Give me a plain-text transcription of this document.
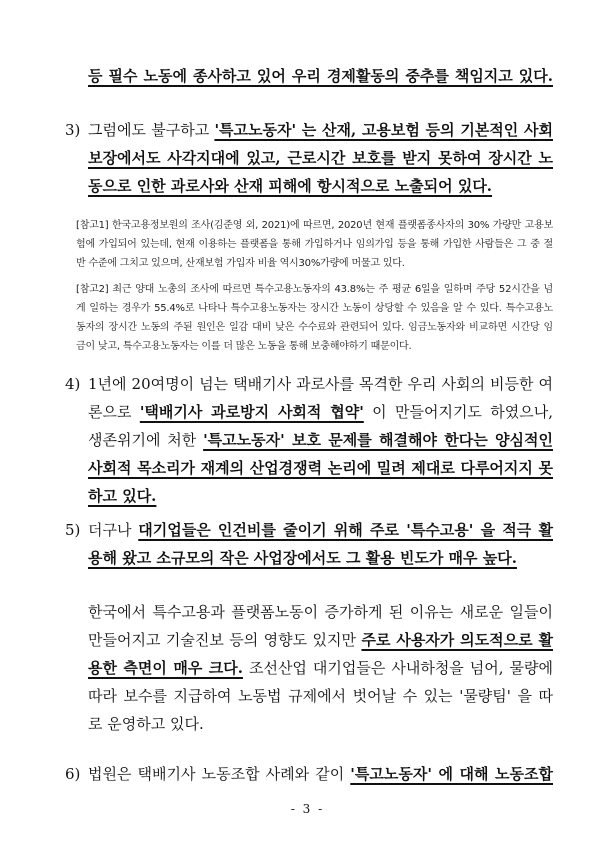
등 필수 노동에 종사하고 있어 우리 경제활동의 중추를 책임지고 있다.
3) 그럼에도 불구하고 '특고노동자' 는 산재, 고용보험 등의 기본적인 사회
보장에서도 사각지대에 있고, 근로시간 보호를 받지 못하여 장시간 노
동으로 인한 과로사와 산재 피해에 항시적으로 노출되어 있다.
[참고1] 한국고용정보원의 조사(김준영 외, 2021)에 따르면, 2020년 현재 플랫폼종사자의 30% 가량만 고용보
험에 가입되어 있는데, 현재 이용하는 플랫폼을 통해 가입하거나 임의가입 등을 통해 가입한 사람들은 그 중 절
반 수준에 그치고 있으며, 산재보험 가입자 비율 역시30%가량에 머물고 있다.
[참고2] 최근 양대 노총의 조사에 따르면 특수고용노동자의 43.8%는 주 평균 6일을 일하며 주당 52시간을 넘
게 일하는 경우가 55.4%로 나타나 특수고용노동자는 장시간 노동이 상당할 수 있음을 알 수 있다. 특수고용노
동자의 장시간 노동의 주된 원인은 일감 대비 낮은 수수료와 관련되어 있다. 임금노동자와 비교하면 시간당 임
금이 낮고, 특수고용노동자는 이를 더 많은 노동을 통해 보충해야하기 때문이다.
4) 1년에 20여명이 넘는 택배기사 과로사를 목격한 우리 사회의 비등한 여
론으로 '택배기사 과로방지 사회적 협약' 이 만들어지기도 하였으나,
생존위기에 처한 '특고노동자' 보호 문제를 해결해야 한다는 양심적인
사회적 목소리가 재계의 산업경쟁력 논리에 밀려 제대로 다루어지지 못
하고 있다.
5) 더구나 대기업들은 인건비를 줄이기 위해 주로 '특수고용' 을 적극 활
용해 왔고 소규모의 작은 사업장에서도 그 활용 빈도가 매우 높다.
한국에서 특수고용과 플랫폼노동이 증가하게 된 이유는 새로운 일들이
만들어지고 기술진보 등의 영향도 있지만 주로 사용자가 의도적으로 활
용한 측면이 매우 크다. 조선산업 대기업들은 사내하청을 넘어, 물량에
따라 보수를 지급하여 노동법 규제에서 벗어날 수 있는 '물량팀' 을 따
로 운영하고 있다.
6) 법원은 택배기사 노동조합 사례와 같이 '특고노동자' 에 대해 노동조합
- 3 -
